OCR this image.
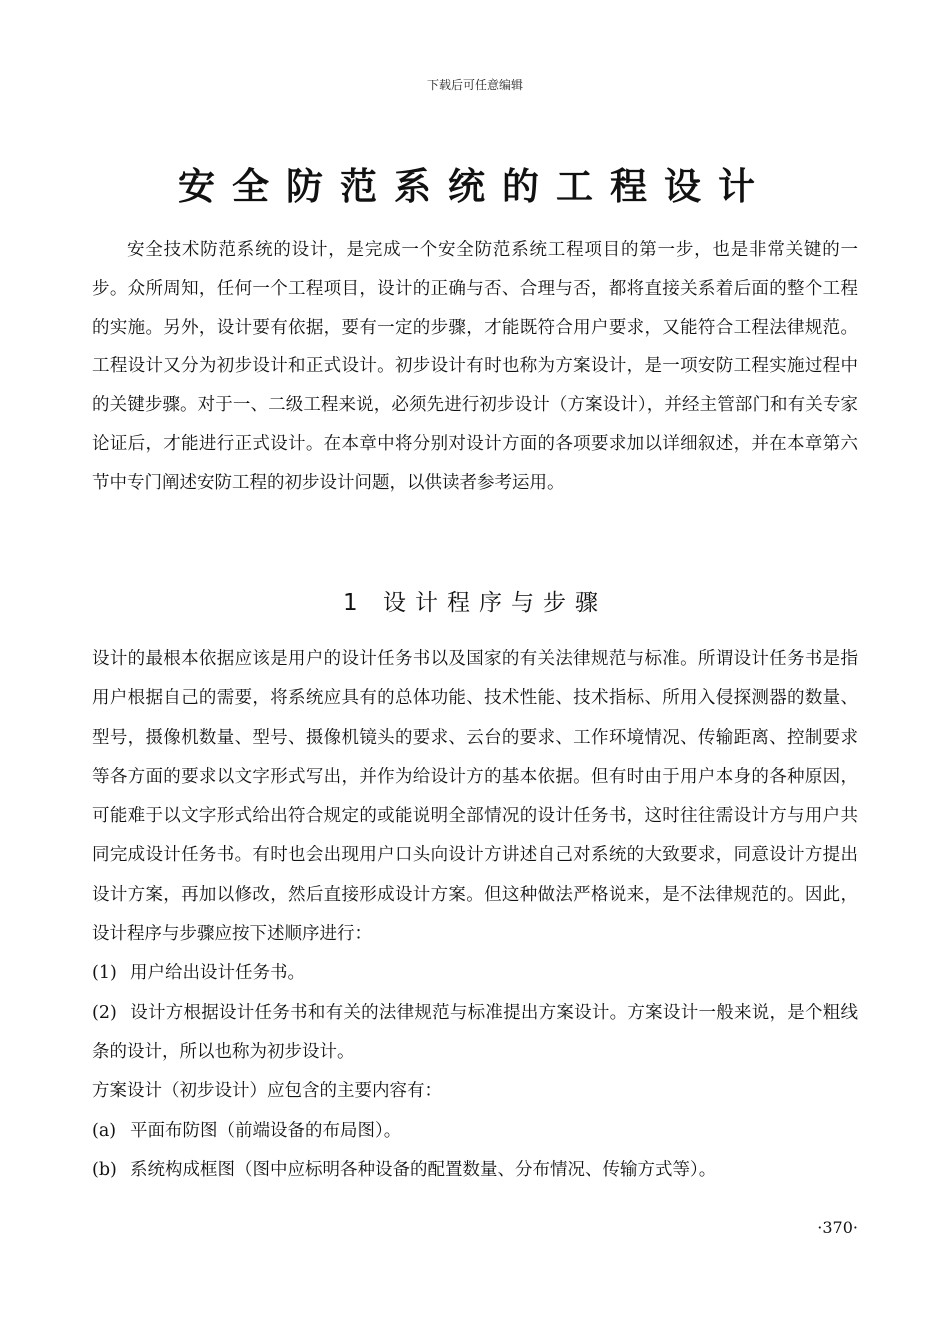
下载后可任意编辑
安全防范系统的工程设计
安全技术防范系统的设计，是完成一个安全防范系统工程项目的第一步，也是非常关键的一步。众所周知，任何一个工程项目，设计的正确与否、合理与否，都将直接关系着后面的整个工程的实施。另外，设计要有依据，要有一定的步骤，才能既符合用户要求，又能符合工程法律规范。工程设计又分为初步设计和正式设计。初步设计有时也称为方案设计，是一项安防工程实施过程中的关键步骤。对于一、二级工程来说，必须先进行初步设计（方案设计），并经主管部门和有关专家论证后，才能进行正式设计。在本章中将分别对设计方面的各项要求加以详细叙述，并在本章第六节中专门阐述安防工程的初步设计问题，以供读者参考运用。
1 设计程序与步骤

设计的最根本依据应该是用户的设计任务书以及国家的有关法律规范与标准。所谓设计任务书是指用户根据自己的需要，将系统应具有的总体功能、技术性能、技术指标、所用入侵探测器的数量、型号，摄像机数量、型号、摄像机镜头的要求、云台的要求、工作环境情况、传输距离、控制要求等各方面的要求以文字形式写出，并作为给设计方的基本依据。但有时由于用户本身的各种原因，可能难于以文字形式给出符合规定的或能说明全部情况的设计任务书，这时往往需设计方与用户共同完成设计任务书。有时也会出现用户口头向设计方讲述自己对系统的大致要求，同意设计方提出设计方案，再加以修改，然后直接形成设计方案。但这种做法严格说来，是不法律规范的。因此，设计程序与步骤应按下述顺序进行：

(1) 用户给出设计任务书。

(2) 设计方根据设计任务书和有关的法律规范与标准提出方案设计。方案设计一般来说，是个粗线条的设计，所以也称为初步设计。

方案设计（初步设计）应包含的主要内容有：

(a) 平面布防图（前端设备的布局图）。

(b) 系统构成框图（图中应标明各种设备的配置数量、分布情况、传输方式等）。

·370·
